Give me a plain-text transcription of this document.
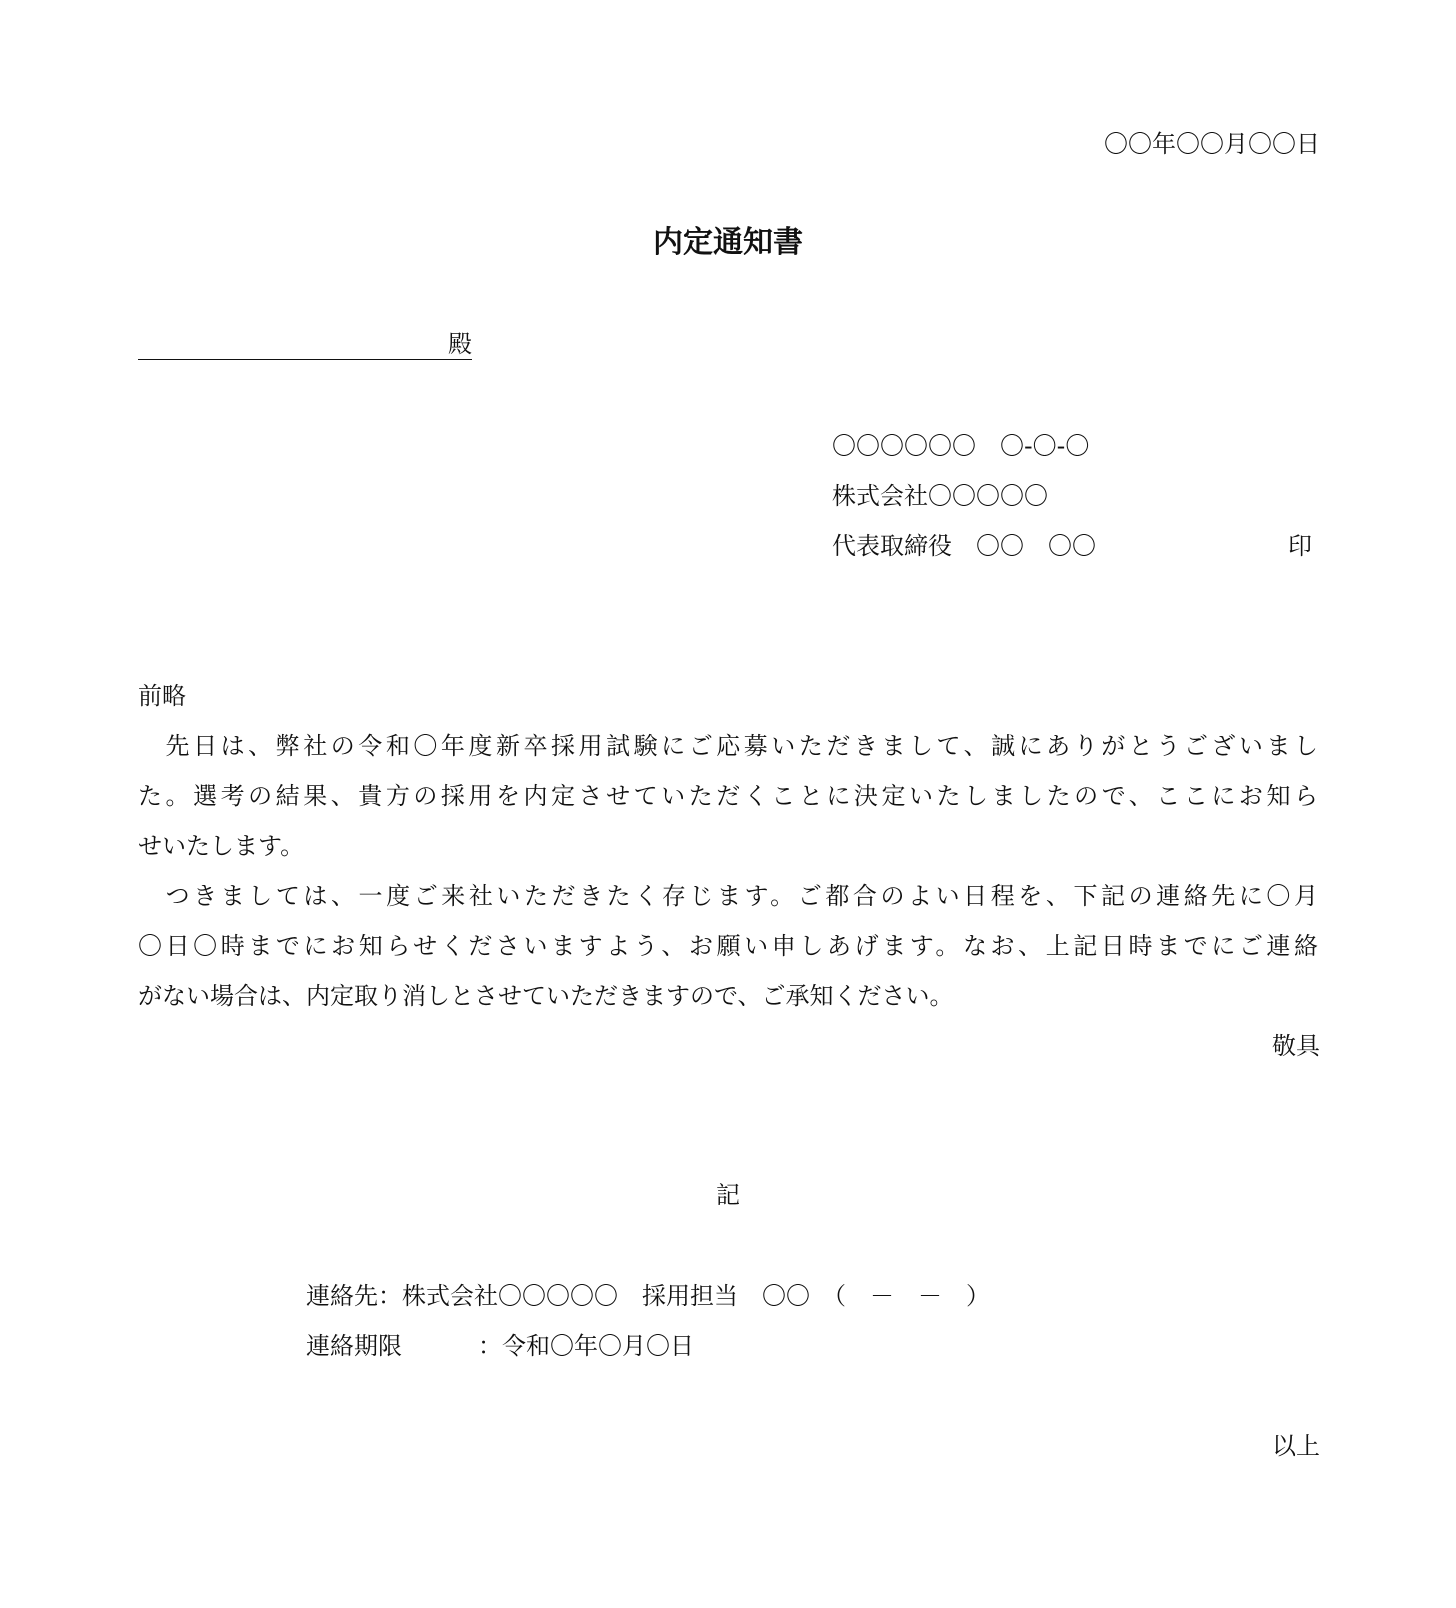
〇〇年〇〇月〇〇日
内定通知書
殿
〇〇〇〇〇〇　〇-〇-〇
株式会社〇〇〇〇〇
代表取締役　〇〇　〇〇	印
前略
　先日は、弊社の令和〇年度新卒採用試験にご応募いただきまして、誠にありがとうございまし
た。選考の結果、貴方の採用を内定させていただくことに決定いたしましたので、ここにお知ら
せいたします。
　つきましては、一度ご来社いただきたく存じます。ご都合のよい日程を、下記の連絡先に〇月
〇日〇時までにお知らせくださいますよう、お願い申しあげます。なお、上記日時までにご連絡
がない場合は、内定取り消しとさせていただきますので、ご承知ください。
敬具
記
連絡先：株式会社〇〇〇〇〇　採用担当　〇〇　（　－　－　）
連絡期限	：令和〇年〇月〇日
以上
